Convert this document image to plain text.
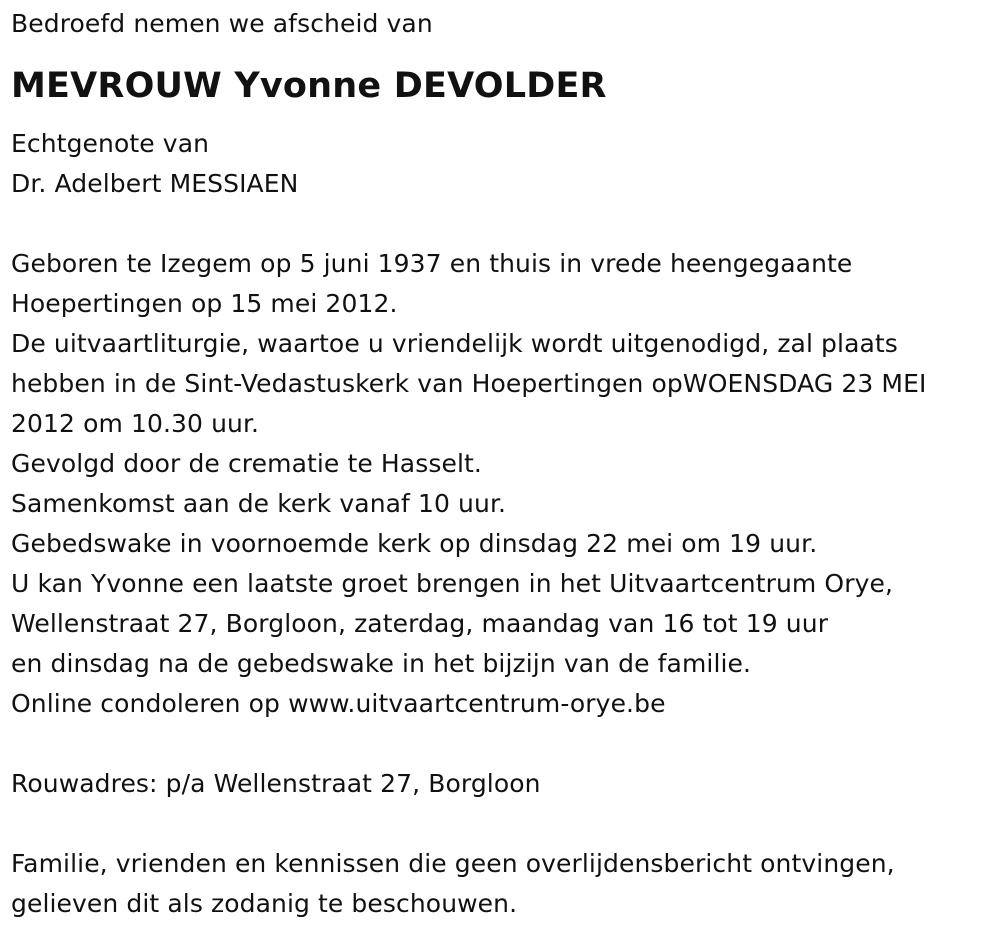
Bedroefd nemen we afscheid van
MEVROUW Yvonne DEVOLDER
Echtgenote van
Dr. Adelbert MESSIAEN
Geboren te Izegem op 5 juni 1937 en thuis in vrede heengegaante
Hoepertingen op 15 mei 2012.
De uitvaartliturgie, waartoe u vriendelijk wordt uitgenodigd, zal plaats
hebben in de Sint-Vedastuskerk van Hoepertingen opWOENSDAG 23 MEI
2012 om 10.30 uur.
Gevolgd door de crematie te Hasselt.
Samenkomst aan de kerk vanaf 10 uur.
Gebedswake in voornoemde kerk op dinsdag 22 mei om 19 uur.
U kan Yvonne een laatste groet brengen in het Uitvaartcentrum Orye,
Wellenstraat 27, Borgloon, zaterdag, maandag van 16 tot 19 uur
en dinsdag na de gebedswake in het bijzijn van de familie.
Online condoleren op www.uitvaartcentrum-orye.be
Rouwadres: p/a Wellenstraat 27, Borgloon
Familie, vrienden en kennissen die geen overlijdensbericht ontvingen,
gelieven dit als zodanig te beschouwen.
